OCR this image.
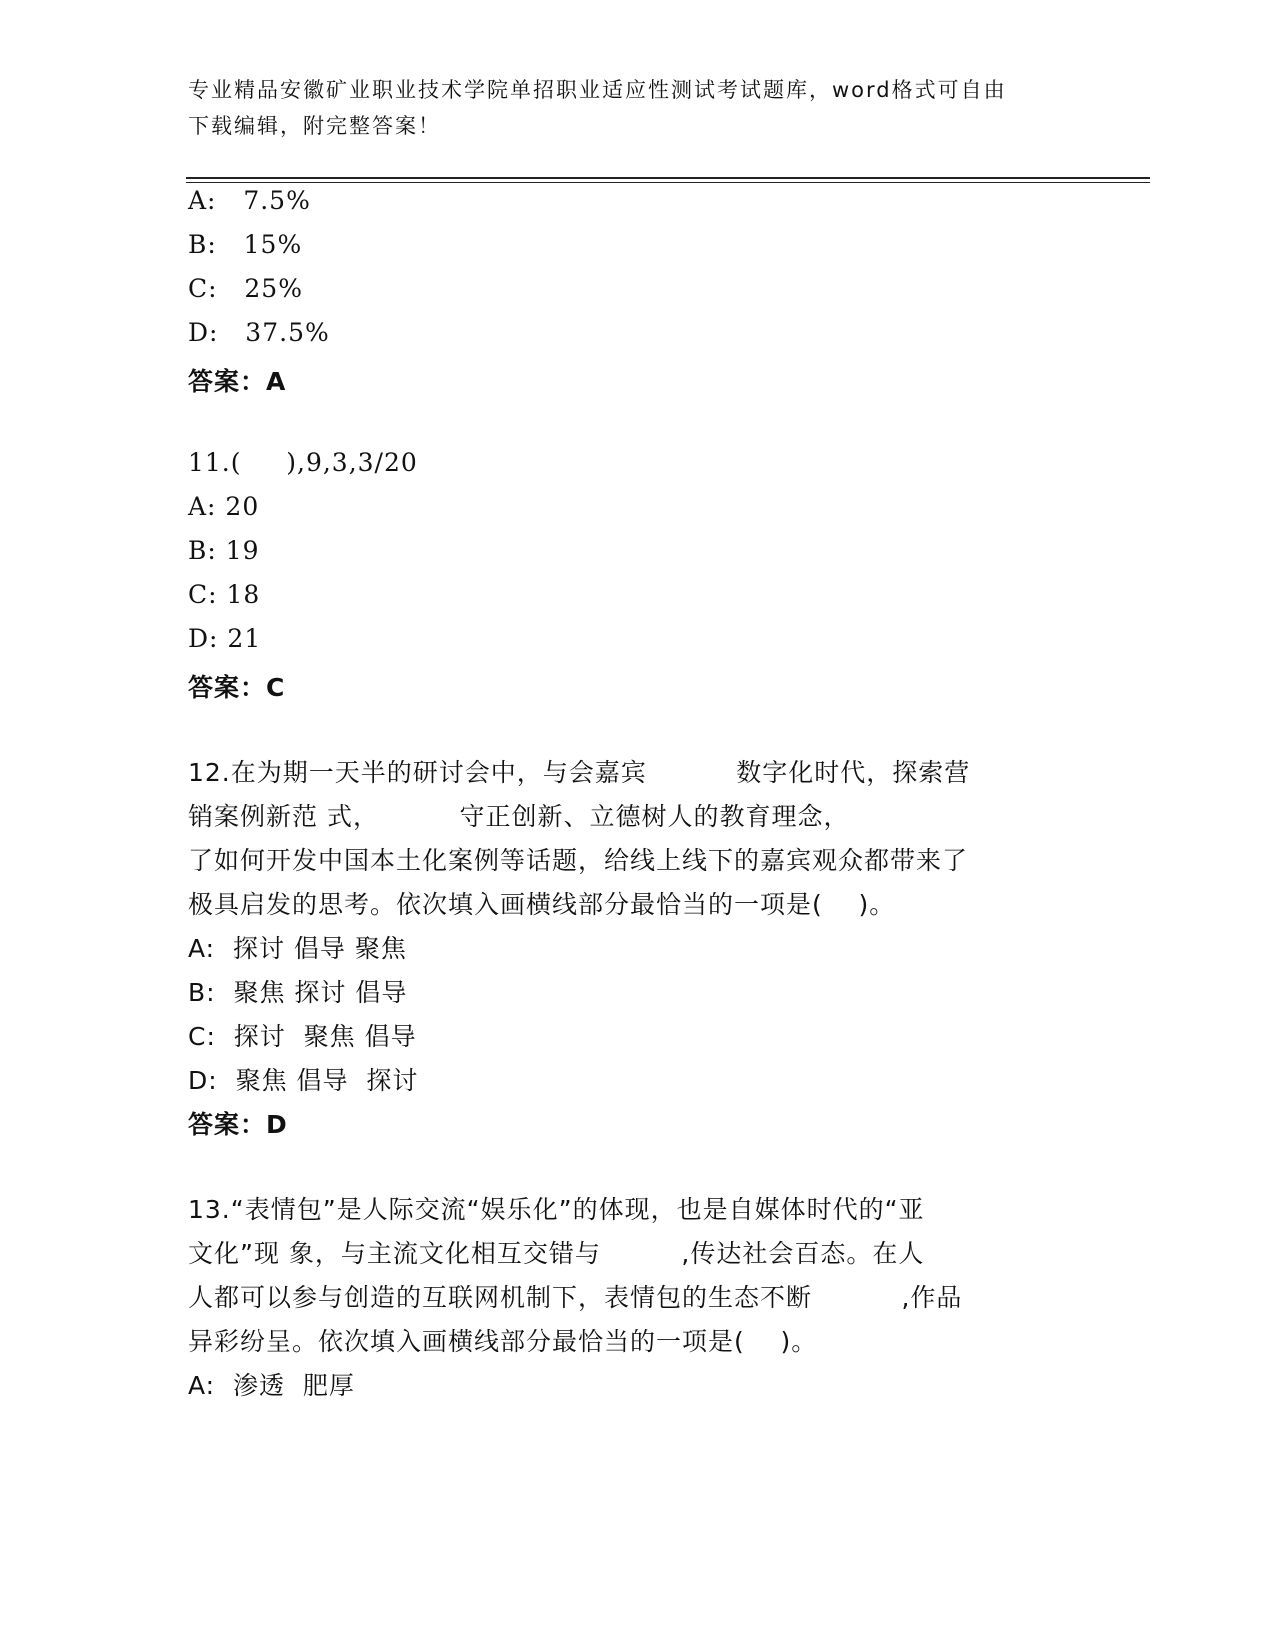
专业精品安徽矿业职业技术学院单招职业适应性测试考试题库，word格式可自由
下载编辑，附完整答案！
A:   7.5%
B:   15%
C:   25%
D:   37.5%
答案：A
11.(     ),9,3,3/20
A: 20
B: 19
C: 18
D: 21
答案：C
12.在为期一天半的研讨会中，与会嘉宾          数字化时代，探索营
销案例新范 式，         守正创新、立德树人的教育理念，
了如何开发中国本土化案例等话题，给线上线下的嘉宾观众都带来了
极具启发的思考。依次填入画横线部分最恰当的一项是(    )。
A:  探讨 倡导 聚焦
B:  聚焦 探讨 倡导
C:  探讨  聚焦 倡导
D:  聚焦 倡导  探讨
答案：D
13.“表情包”是人际交流“娱乐化”的体现，也是自媒体时代的“亚
文化”现 象，与主流文化相互交错与         ,传达社会百态。在人
人都可以参与创造的互联网机制下，表情包的生态不断          ,作品
异彩纷呈。依次填入画横线部分最恰当的一项是(    )。
A:  渗透  肥厚
